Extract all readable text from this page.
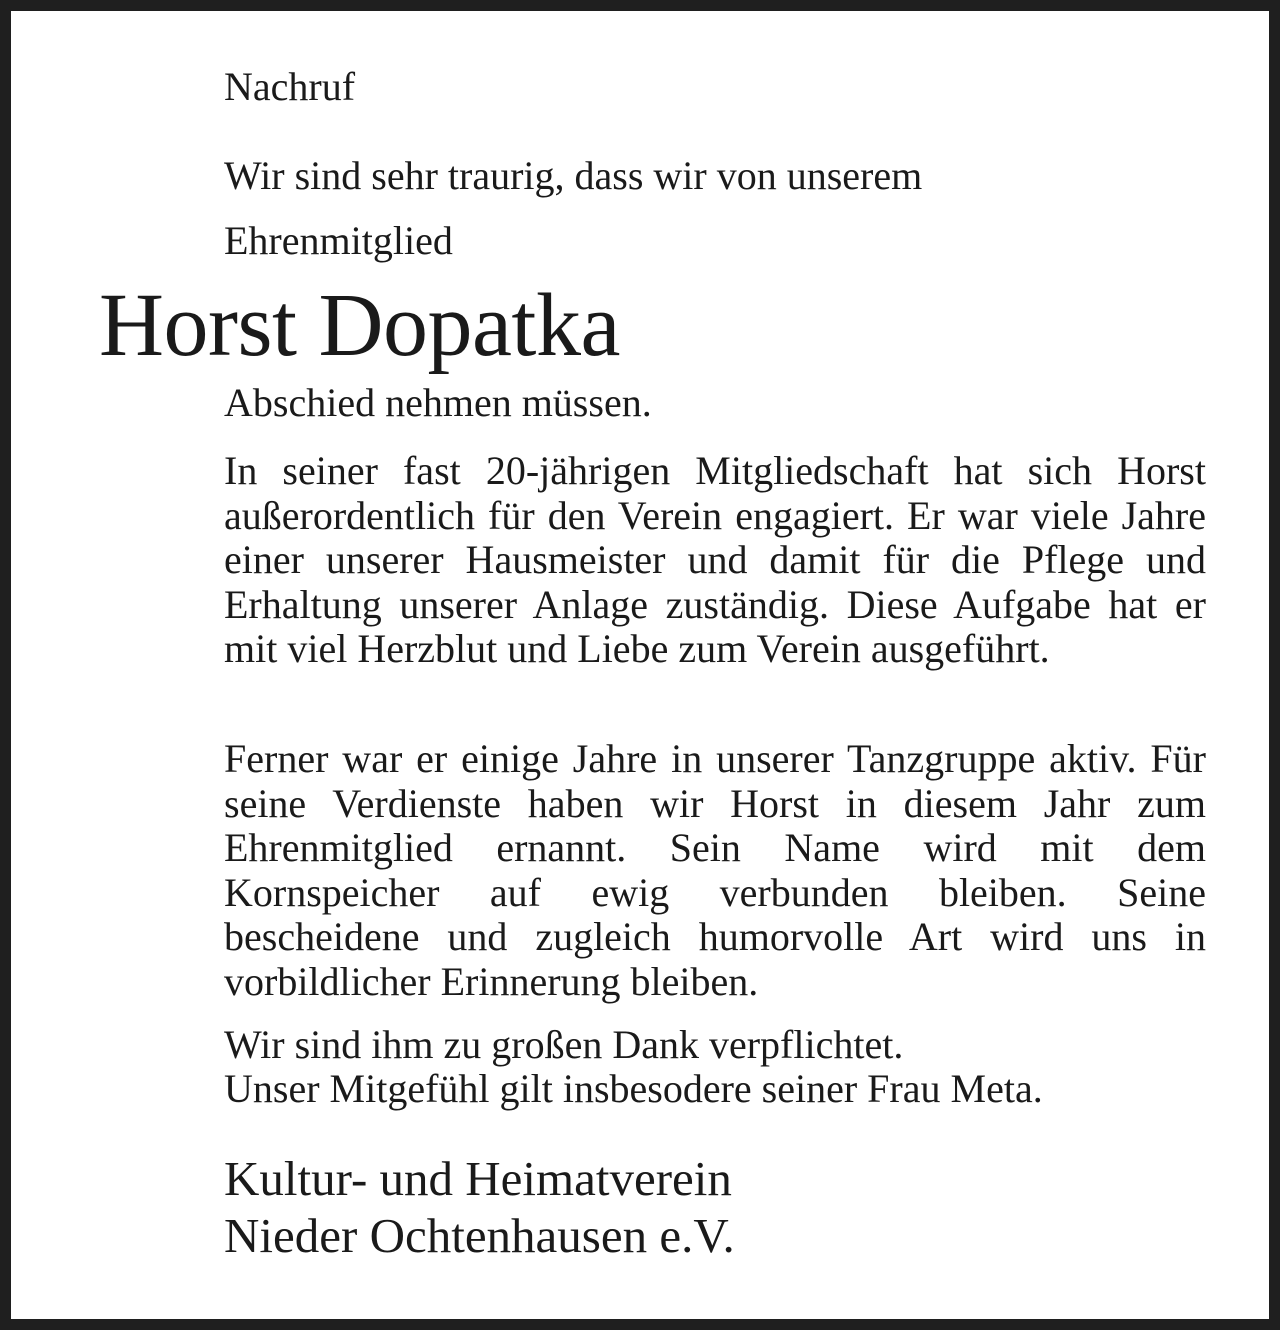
Nachruf
Wir sind sehr traurig, dass wir von unserem
Ehrenmitglied
Horst Dopatka
Abschied nehmen müssen.

In seiner fast 20-jährigen Mitgliedschaft hat sich Horst außerordentlich für den Verein engagiert. Er war viele Jahre einer unserer Hausmeister und damit für die Pflege und Erhaltung unserer Anlage zuständig. Diese Aufgabe hat er mit viel Herzblut und Liebe zum Verein ausgeführt.

Ferner war er einige Jahre in unserer Tanzgruppe aktiv. Für seine Verdienste haben wir Horst in diesem Jahr zum Ehrenmitglied ernannt. Sein Name wird mit dem Kornspeicher auf ewig verbunden bleiben. Seine bescheidene und zugleich humorvolle Art wird uns in vorbildlicher Erinnerung bleiben.

Wir sind ihm zu großen Dank verpflichtet.
Unser Mitgefühl gilt insbesodere seiner Frau Meta.
Kultur- und Heimatverein
Nieder Ochtenhausen e.V.
